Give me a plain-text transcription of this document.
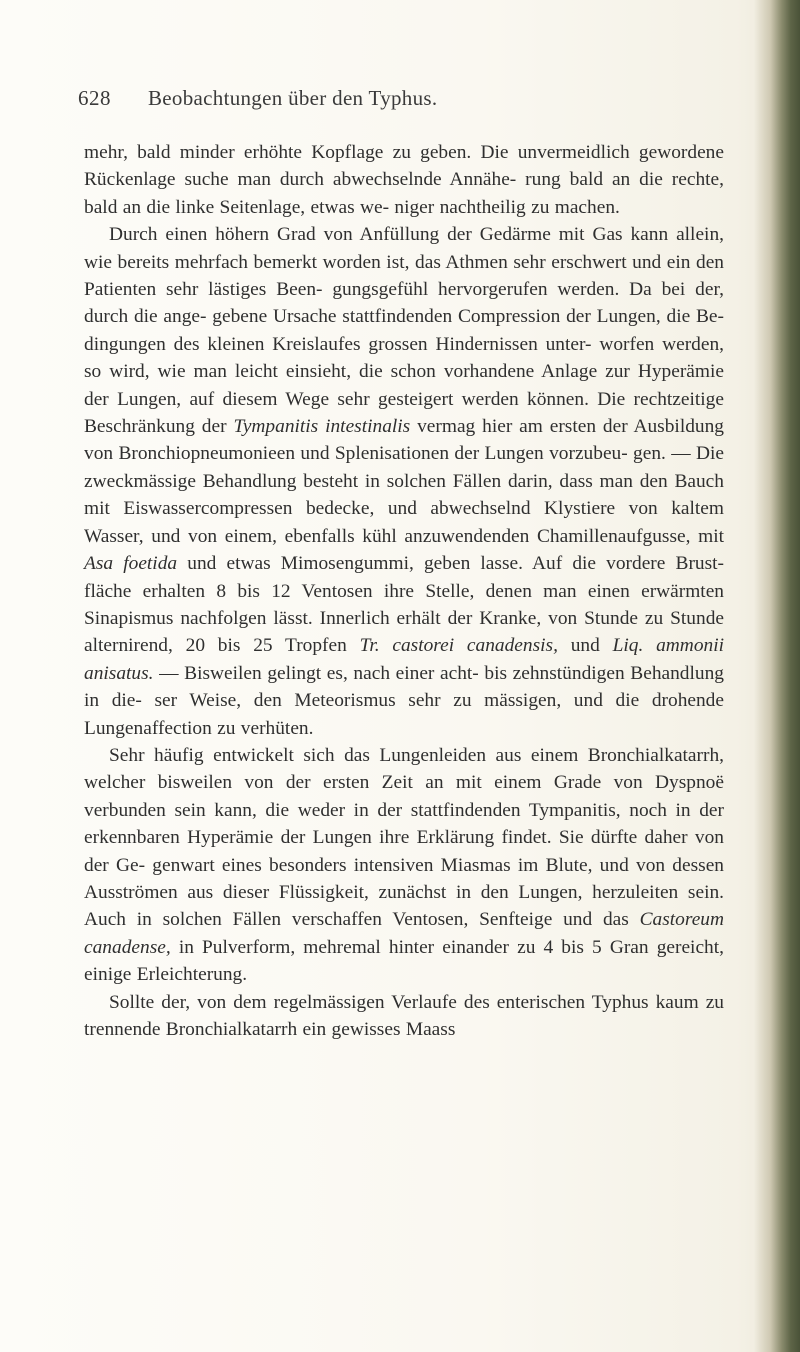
628 Beobachtungen über den Typhus.

mehr, bald minder erhöhte Kopflage zu geben. Die unvermeidlich gewordene Rückenlage suche man durch abwechselnde Annähe- rung bald an die rechte, bald an die linke Seitenlage, etwas we- niger nachtheilig zu machen.

Durch einen höhern Grad von Anfüllung der Gedärme mit Gas kann allein, wie bereits mehrfach bemerkt worden ist, das Athmen sehr erschwert und ein den Patienten sehr lästiges Been- gungsgefühl hervorgerufen werden. Da bei der, durch die ange- gebene Ursache stattfindenden Compression der Lungen, die Be- dingungen des kleinen Kreislaufes grossen Hindernissen unter- worfen werden, so wird, wie man leicht einsieht, die schon vorhandene Anlage zur Hyperämie der Lungen, auf diesem Wege sehr gesteigert werden können. Die rechtzeitige Beschränkung der Tympanitis intestinalis vermag hier am ersten der Ausbildung von Bronchiopneumonieen und Splenisationen der Lungen vorzubeu- gen. — Die zweckmässige Behandlung besteht in solchen Fällen darin, dass man den Bauch mit Eiswassercompressen bedecke, und abwechselnd Klystiere von kaltem Wasser, und von einem, ebenfalls kühl anzuwendenden Chamillenaufgusse, mit Asa foetida und etwas Mimosengummi, geben lasse. Auf die vordere Brust- fläche erhalten 8 bis 12 Ventosen ihre Stelle, denen man einen erwärmten Sinapismus nachfolgen lässt. Innerlich erhält der Kranke, von Stunde zu Stunde alternirend, 20 bis 25 Tropfen Tr. castorei canadensis, und Liq. ammonii anisatus. — Bisweilen gelingt es, nach einer acht- bis zehnstündigen Behandlung in die- ser Weise, den Meteorismus sehr zu mässigen, und die drohende Lungenaffection zu verhüten.

Sehr häufig entwickelt sich das Lungenleiden aus einem Bronchialkatarrh, welcher bisweilen von der ersten Zeit an mit einem Grade von Dyspnoë verbunden sein kann, die weder in der stattfindenden Tympanitis, noch in der erkennbaren Hyperämie der Lungen ihre Erklärung findet. Sie dürfte daher von der Ge- genwart eines besonders intensiven Miasmas im Blute, und von dessen Ausströmen aus dieser Flüssigkeit, zunächst in den Lungen, herzuleiten sein. Auch in solchen Fällen verschaffen Ventosen, Senfteige und das Castoreum canadense, in Pulverform, mehremal hinter einander zu 4 bis 5 Gran gereicht, einige Erleichterung.

Sollte der, von dem regelmässigen Verlaufe des enterischen Typhus kaum zu trennende Bronchialkatarrh ein gewisses Maass
